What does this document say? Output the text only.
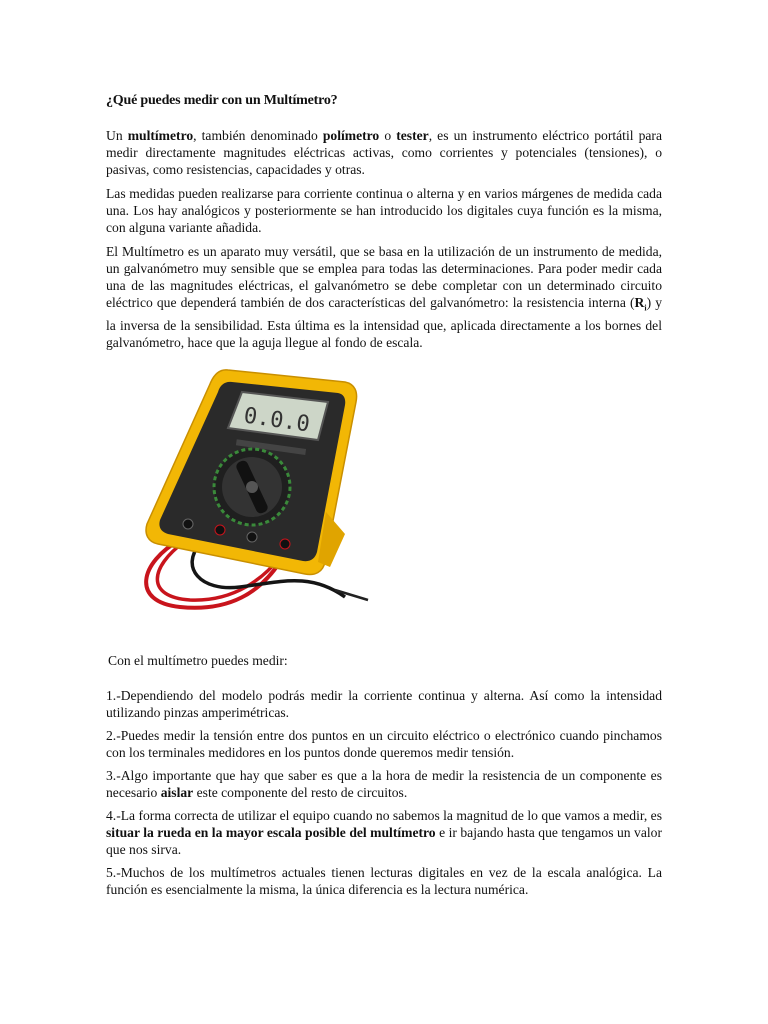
¿Qué puedes medir con un Multímetro?

Un multímetro, también denominado polímetro o tester, es un instrumento eléctrico portátil para medir directamente magnitudes eléctricas activas, como corrientes y potenciales (tensiones), o pasivas, como resistencias, capacidades y otras.

Las medidas pueden realizarse para corriente continua o alterna y en varios márgenes de medida cada una. Los hay analógicos y posteriormente se han introducido los digitales cuya función es la misma, con alguna variante añadida.

El Multímetro es un aparato muy versátil, que se basa en la utilización de un instrumento de medida, un galvanómetro muy sensible que se emplea para todas las determinaciones. Para poder medir cada una de las magnitudes eléctricas, el galvanómetro se debe completar con un determinado circuito eléctrico que dependerá también de dos características del galvanómetro: la resistencia interna $(R_i)$ y la inversa de la sensibilidad. Esta última es la intensidad que, aplicada directamente a los bornes del galvanómetro, hace que la aguja llegue al fondo de escala.

0.0.0

Con el multímetro puedes medir:

1.-Dependiendo del modelo podrás medir la corriente continua y alterna. Así como la intensidad utilizando pinzas amperimétricas.

2.-Puedes medir la tensión entre dos puntos en un circuito eléctrico o electrónico cuando pinchamos con los terminales medidores en los puntos donde queremos medir tensión.

3.-Algo importante que hay que saber es que a la hora de medir la resistencia de un componente es necesario aislar este componente del resto de circuitos.

4.-La forma correcta de utilizar el equipo cuando no sabemos la magnitud de lo que vamos a medir, es situar la rueda en la mayor escala posible del multímetro e ir bajando hasta que tengamos un valor que nos sirva.

5.-Muchos de los multímetros actuales tienen lecturas digitales en vez de la escala analógica. La función es esencialmente la misma, la única diferencia es la lectura numérica.
